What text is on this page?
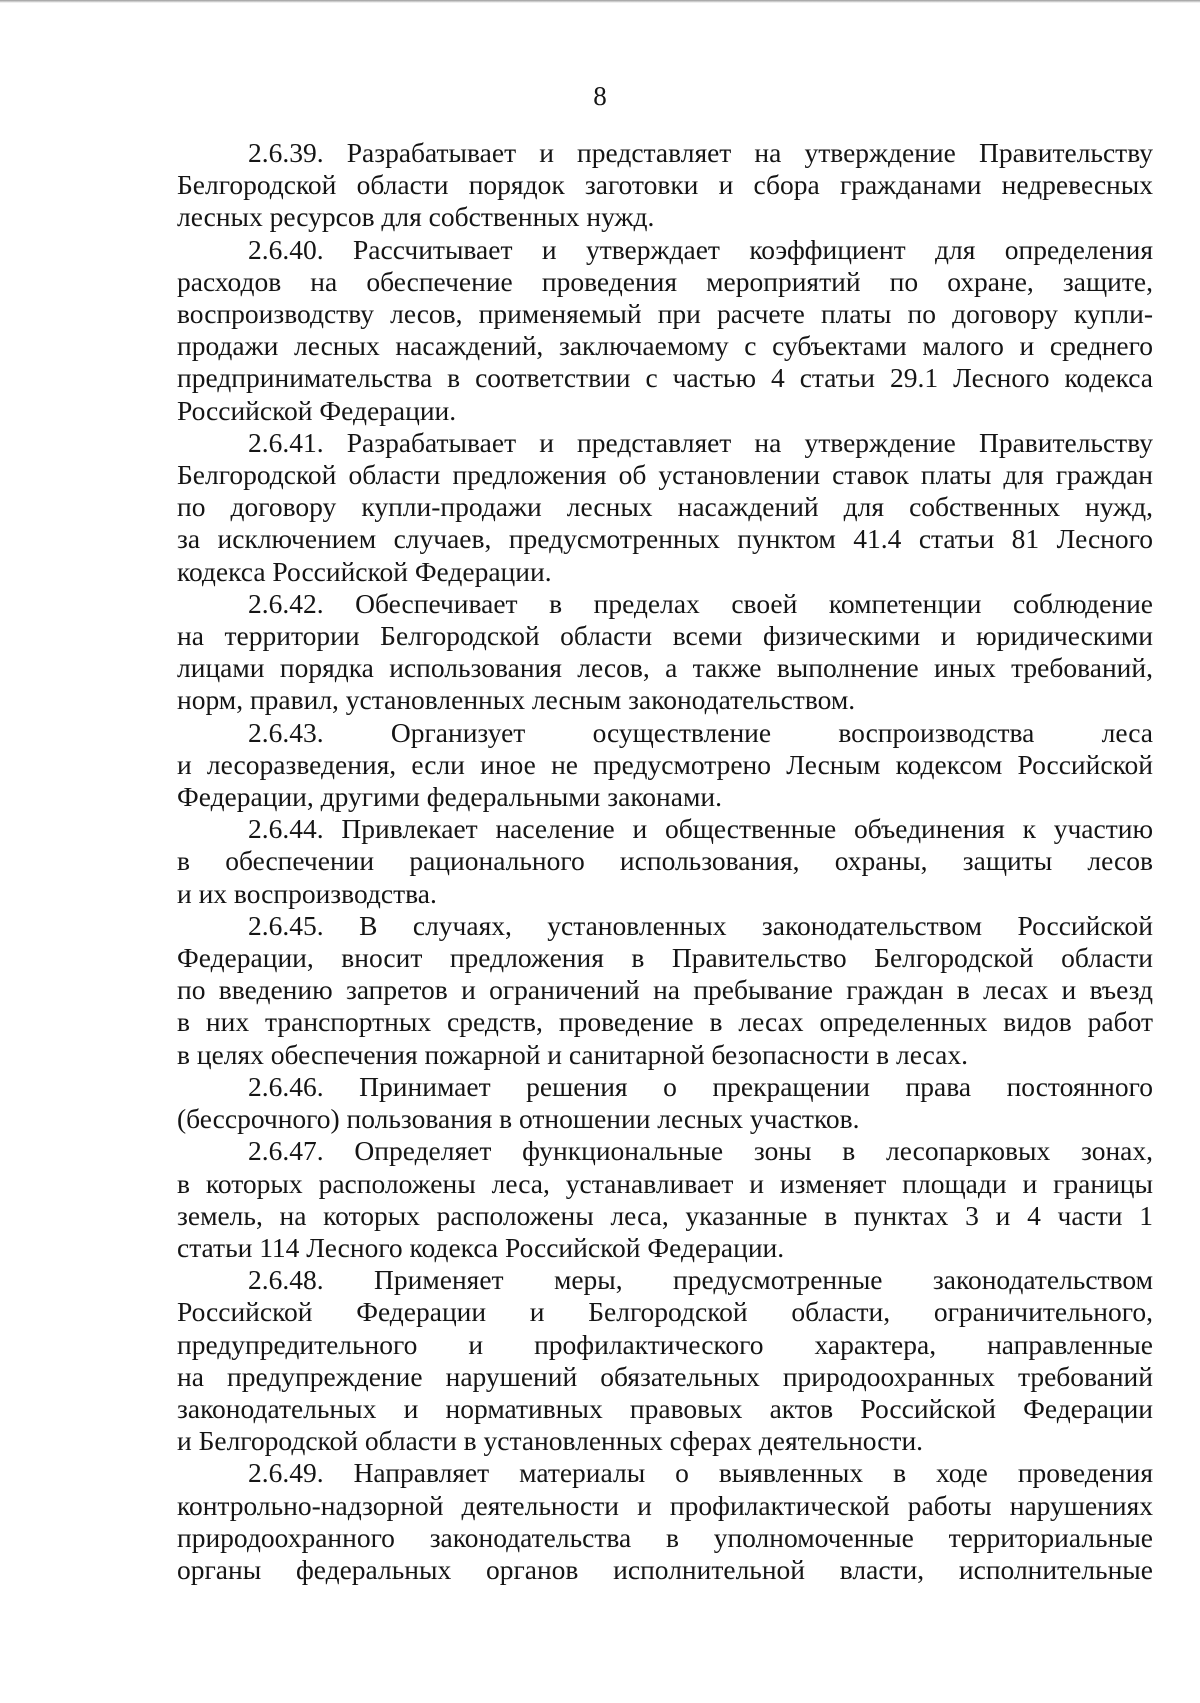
8
2.6.39. Разрабатывает и представляет на утверждение Правительству
Белгородской области порядок заготовки и сбора гражданами недревесных
лесных ресурсов для собственных нужд.
2.6.40. Рассчитывает и утверждает коэффициент для определения
расходов на обеспечение проведения мероприятий по охране, защите,
воспроизводству лесов, применяемый при расчете платы по договору купли-
продажи лесных насаждений, заключаемому с субъектами малого и среднего
предпринимательства в соответствии с частью 4 статьи 29.1 Лесного кодекса
Российской Федерации.
2.6.41. Разрабатывает и представляет на утверждение Правительству
Белгородской области предложения об установлении ставок платы для граждан
по договору купли-продажи лесных насаждений для собственных нужд,
за исключением случаев, предусмотренных пунктом 41.4 статьи 81 Лесного
кодекса Российской Федерации.
2.6.42. Обеспечивает в пределах своей компетенции соблюдение
на территории Белгородской области всеми физическими и юридическими
лицами порядка использования лесов, а также выполнение иных требований,
норм, правил, установленных лесным законодательством.
2.6.43. Организует осуществление воспроизводства леса
и лесоразведения, если иное не предусмотрено Лесным кодексом Российской
Федерации, другими федеральными законами.
2.6.44. Привлекает население и общественные объединения к участию
в обеспечении рационального использования, охраны, защиты лесов
и их воспроизводства.
2.6.45. В случаях, установленных законодательством Российской
Федерации, вносит предложения в Правительство Белгородской области
по введению запретов и ограничений на пребывание граждан в лесах и въезд
в них транспортных средств, проведение в лесах определенных видов работ
в целях обеспечения пожарной и санитарной безопасности в лесах.
2.6.46. Принимает решения о прекращении права постоянного
(бессрочного) пользования в отношении лесных участков.
2.6.47. Определяет функциональные зоны в лесопарковых зонах,
в которых расположены леса, устанавливает и изменяет площади и границы
земель, на которых расположены леса, указанные в пунктах 3 и 4 части 1
статьи 114 Лесного кодекса Российской Федерации.
2.6.48. Применяет меры, предусмотренные законодательством
Российской Федерации и Белгородской области, ограничительного,
предупредительного и профилактического характера, направленные
на предупреждение нарушений обязательных природоохранных требований
законодательных и нормативных правовых актов Российской Федерации
и Белгородской области в установленных сферах деятельности.
2.6.49. Направляет материалы о выявленных в ходе проведения
контрольно-надзорной деятельности и профилактической работы нарушениях
природоохранного законодательства в уполномоченные территориальные
органы федеральных органов исполнительной власти, исполнительные
